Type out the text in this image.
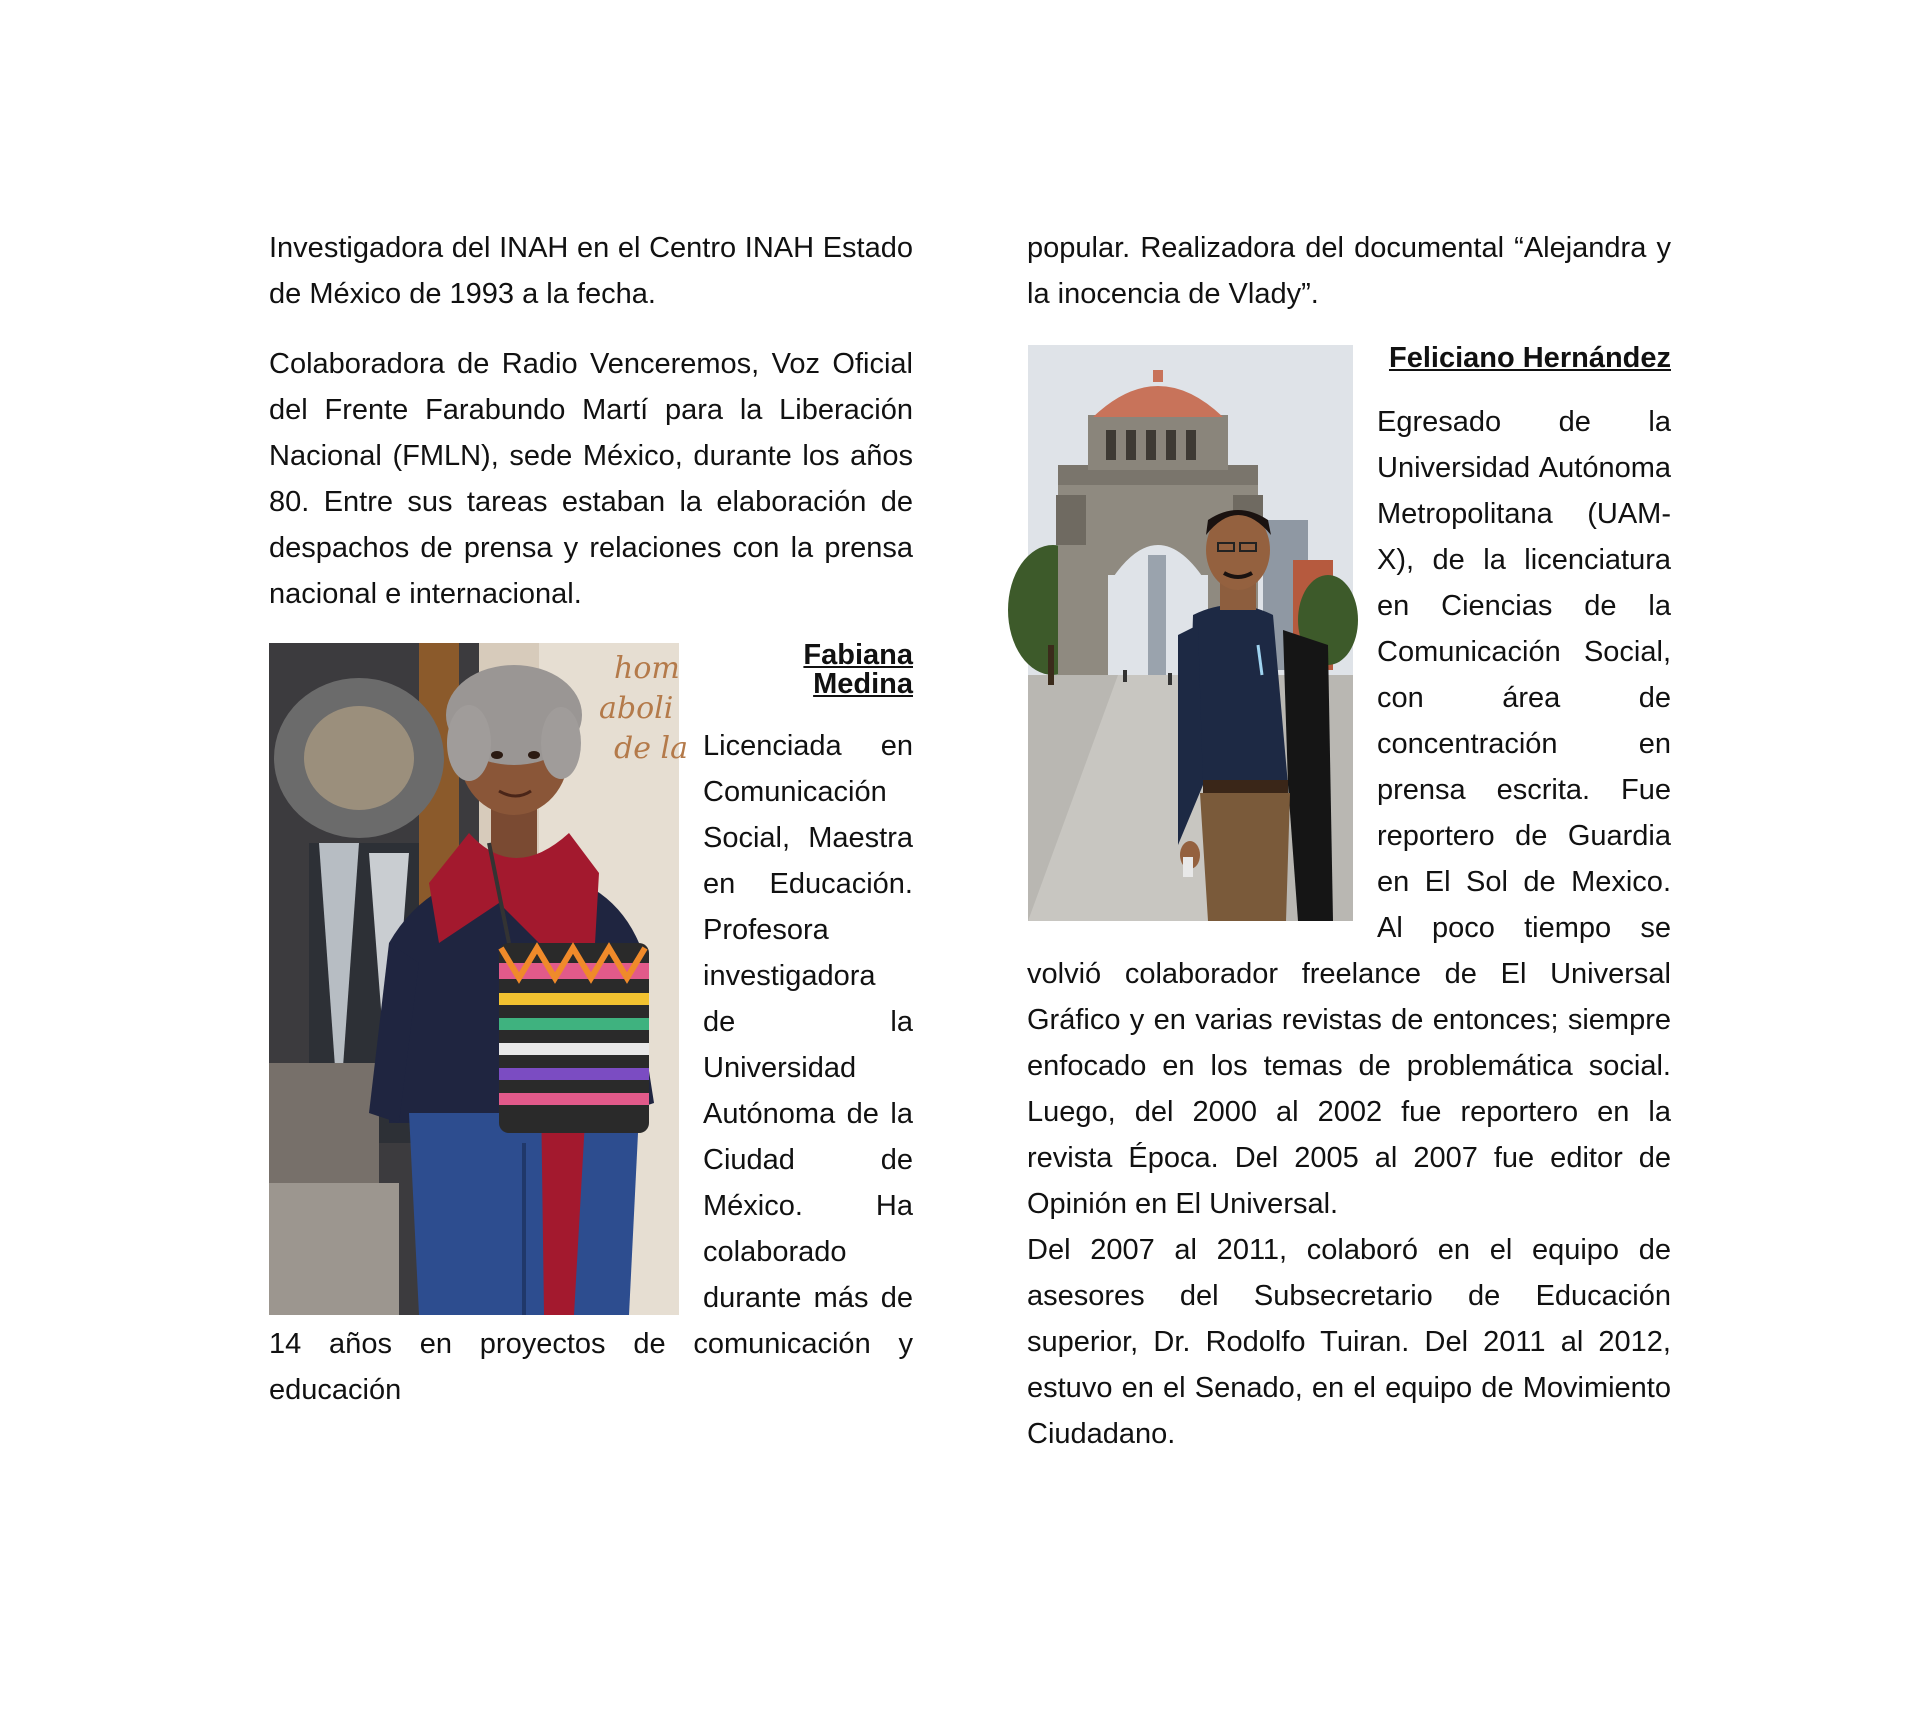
Investigadora del INAH en el Centro INAH Estado de México de 1993 a la fecha.

Colaboradora de Radio Venceremos, Voz Oficial del Frente Farabundo Martí para la Liberación Nacional (FMLN), sede México, durante los años 80. Entre sus tareas estaban la elaboración de despachos de prensa y relaciones con la prensa nacional e internacional.

hom
aboli
de la
Fabiana Medina

Licenciada en Comunicación Social, Maestra en Educación. Profesora investigadora de la Universidad Autónoma de la Ciudad de México. Ha colaborado durante más de 14 años en proyectos de comunicación y educación

popular. Realizadora del documental “Alejandra y la inocencia de Vlady”.

Feliciano Hernández

Egresado de la Universidad Autónoma Metropolitana (UAM-X), de la licenciatura en Ciencias de la Comunicación Social, con área de concentración en prensa escrita. Fue reportero de Guardia en El Sol de Mexico. Al poco tiempo se volvió colaborador freelance de El Universal Gráfico y en varias revistas de entonces; siempre enfocado en los temas de problemática social. Luego, del 2000 al 2002 fue reportero en la revista Época. Del 2005 al 2007 fue editor de Opinión en El Universal.

Del 2007 al 2011, colaboró en el equipo de asesores del Subsecretario de Educación superior, Dr. Rodolfo Tuiran. Del 2011 al 2012, estuvo en el Senado, en el equipo de Movimiento Ciudadano.
